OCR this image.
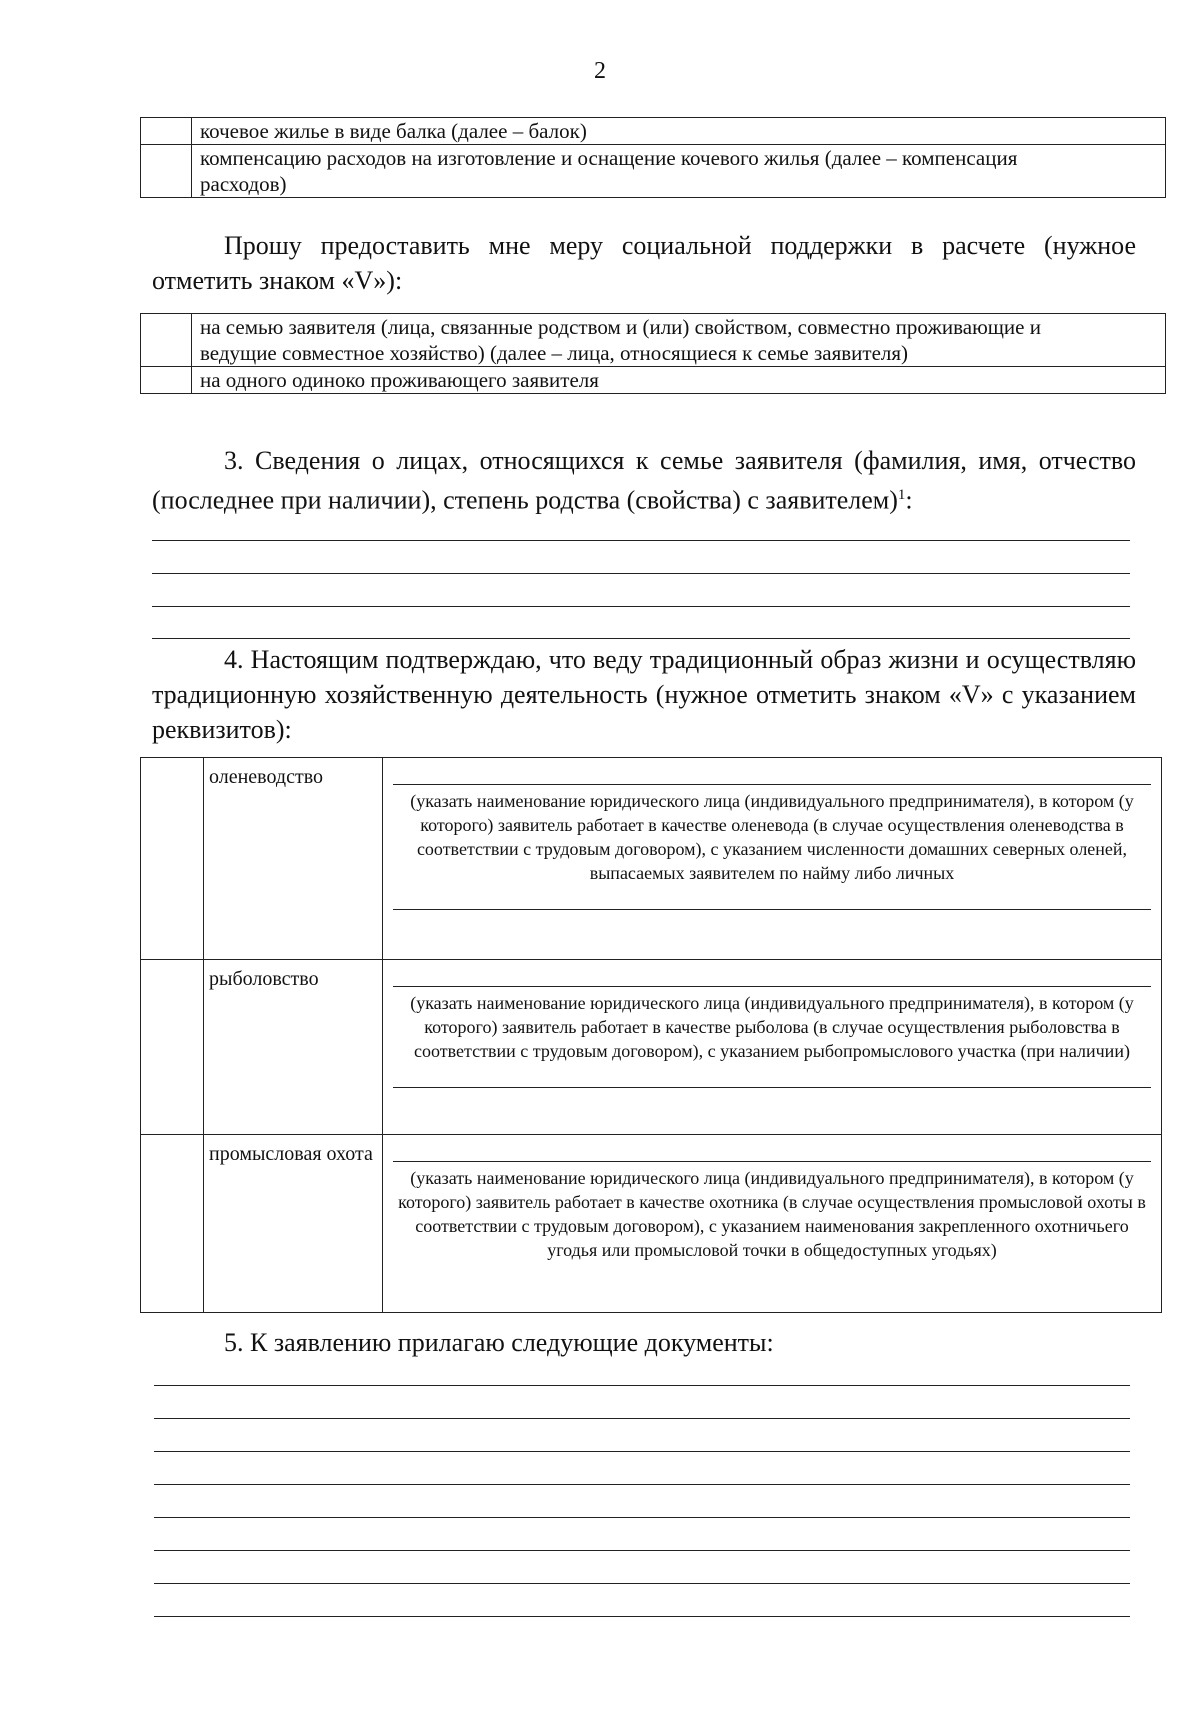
2
	кочевое жилье в виде балка (далее – балок)
	компенсацию расходов на изготовление и оснащение кочевого жилья (далее – компенсация расходов)
Прошу предоставить мне меру социальной поддержки в расчете (нужное отметить знаком «V»):
	на семью заявителя (лица, связанные родством и (или) свойством, совместно проживающие и ведущие совместное хозяйство) (далее – лица, относящиеся к семье заявителя)
	на одного одиноко проживающего заявителя
3. Сведения о лицах, относящихся к семье заявителя (фамилия, имя, отчество (последнее при наличии), степень родства (свойства) с заявителем)$^1$:
4. Настоящим подтверждаю, что веду традиционный образ жизни и осуществляю традиционную хозяйственную деятельность (нужное отметить знаком «V» с указанием реквизитов):
	оленеводство	(указать наименование юридического лица (индивидуального предпринимателя), в котором (у которого) заявитель работает в качестве оленевода (в случае осуществления оленеводства в соответствии с трудовым договором), с указанием численности домашних северных оленей, выпасаемых заявителем по найму либо личных

	рыболовство	(указать наименование юридического лица (индивидуального предпринимателя), в котором (у которого) заявитель работает в качестве рыболова (в случае осуществления рыболовства в соответствии с трудовым договором), с указанием рыбопромыслового участка (при наличии)

	промысловая охота	(указать наименование юридического лица (индивидуального предпринимателя), в котором (у которого) заявитель работает в качестве охотника (в случае осуществления промысловой охоты в соответствии с трудовым договором), с указанием наименования закрепленного охотничьего угодья или промысловой точки в общедоступных угодьях)
5. К заявлению прилагаю следующие документы:
